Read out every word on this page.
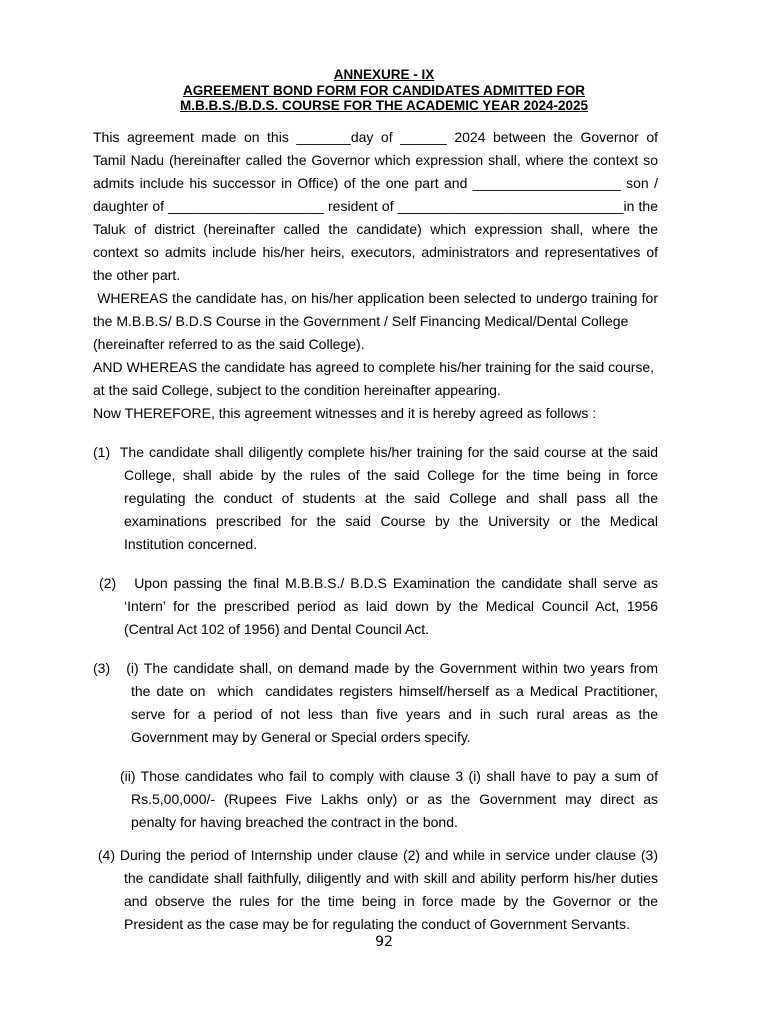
ANNEXURE - IX
AGREEMENT BOND FORM FOR CANDIDATES ADMITTED FOR
M.B.B.S./B.D.S. COURSE FOR THE ACADEMIC YEAR 2024-2025
This agreement made on this _______day of ______ 2024 between the Governor of
Tamil Nadu (hereinafter called the Governor which expression shall, where the context so
admits include his successor in Office) of the one part and ___________________ son /
daughter of ____________________ resident of _____________________________in the
Taluk of district (hereinafter called the candidate) which expression shall, where the
context so admits include his/her heirs, executors, administrators and representatives of
the other part.
WHEREAS the candidate has, on his/her application been selected to undergo training for
the M.B.B.S/ B.D.S Course in the Government / Self Financing Medical/Dental College
(hereinafter referred to as the said College).
AND WHEREAS the candidate has agreed to complete his/her training for the said course,
at the said College, subject to the condition hereinafter appearing.
Now THEREFORE, this agreement witnesses and it is hereby agreed as follows :
(1)  The candidate shall diligently complete his/her training for the said course at the said
College, shall abide by the rules of the said College for the time being in force
regulating the conduct of students at the said College and shall pass all the
examinations prescribed for the said Course by the University or the Medical
Institution concerned.
(2)   Upon passing the final M.B.B.S./ B.D.S Examination the candidate shall serve as
‘Intern’ for the prescribed period as laid down by the Medical Council Act, 1956
(Central Act 102 of 1956) and Dental Council Act.
(3)   (i) The candidate shall, on demand made by the Government within two years from
the date on  which  candidates registers himself/herself as a Medical Practitioner,
serve for a period of not less than five years and in such rural areas as the
Government may by General or Special orders specify.
(ii) Those candidates who fail to comply with clause 3 (i) shall have to pay a sum of
Rs.5,00,000/- (Rupees Five Lakhs only) or as the Government may direct as
penalty for having breached the contract in the bond.
(4) During the period of Internship under clause (2) and while in service under clause (3)
the candidate shall faithfully, diligently and with skill and ability perform his/her duties
and observe the rules for the time being in force made by the Governor or the
President as the case may be for regulating the conduct of Government Servants.
92
